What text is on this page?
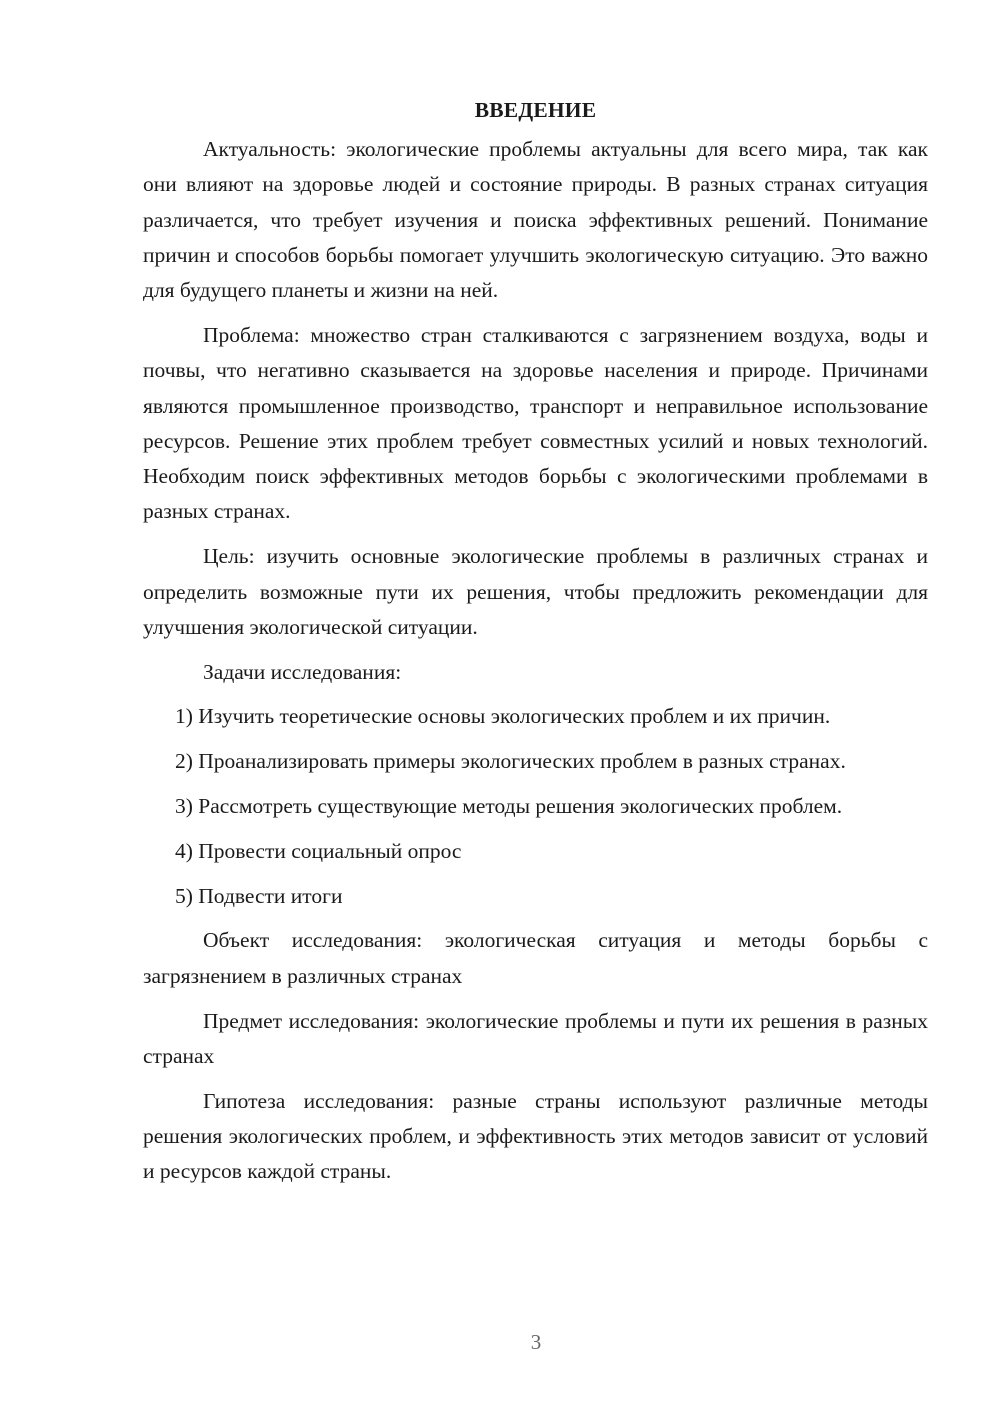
ВВЕДЕНИЕ

Актуальность: экологические проблемы актуальны для всего мира, так как они влияют на здоровье людей и состояние природы. В разных странах ситуация различается, что требует изучения и поиска эффективных решений. Понимание причин и способов борьбы помогает улучшить экологическую ситуацию. Это важно для будущего планеты и жизни на ней.

Проблема: множество стран сталкиваются с загрязнением воздуха, воды и почвы, что негативно сказывается на здоровье населения и природе. Причинами являются промышленное производство, транспорт и неправильное использование ресурсов. Решение этих проблем требует совместных усилий и новых технологий. Необходим поиск эффективных методов борьбы с экологическими проблемами в разных странах.

Цель: изучить основные экологические проблемы в различных странах и определить возможные пути их решения, чтобы предложить рекомендации для улучшения экологической ситуации.

Задачи исследования:

1) Изучить теоретические основы экологических проблем и их причин.

2) Проанализировать примеры экологических проблем в разных странах.

3) Рассмотреть существующие методы решения экологических проблем.

4) Провести социальный опрос

5) Подвести итоги

Объект исследования: экологическая ситуация и методы борьбы с загрязнением в различных странах

Предмет исследования: экологические проблемы и пути их решения в разных странах

Гипотеза исследования: разные страны используют различные методы решения экологических проблем, и эффективность этих методов зависит от условий и ресурсов каждой страны.

3
